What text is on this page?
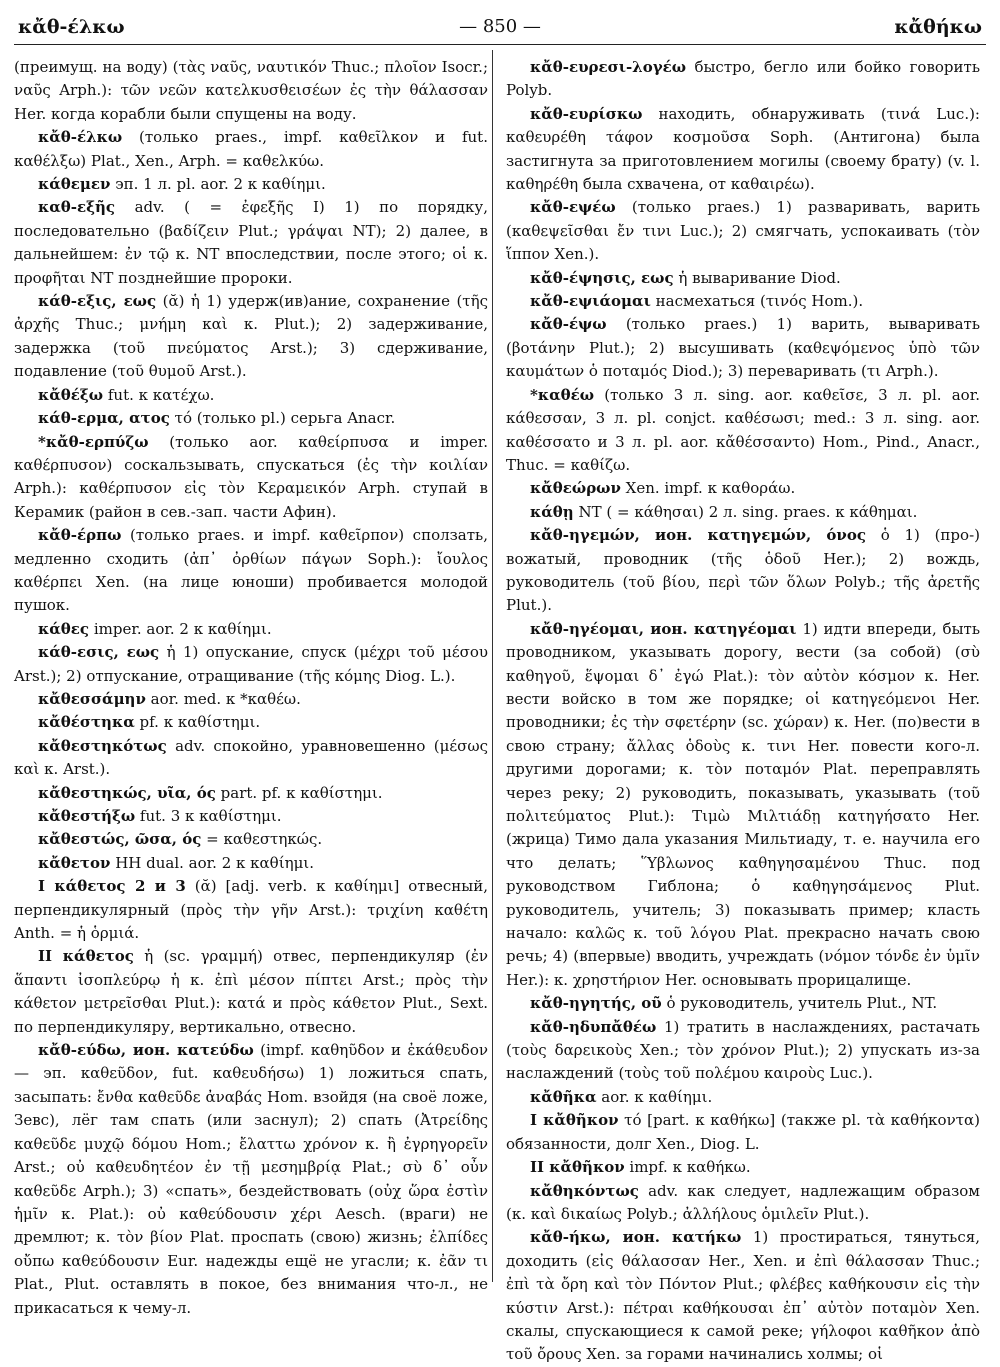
κἄθ-έλκω	— 850 —	κἄθήκω

(преимущ. на воду) (τὰς ναῦς, ναυτικόν Thuc.; πλοῖον Isocr.; ναῦς Arph.): τῶν νεῶν κατελκυσθεισέων ἐς τὴν θάλασσαν Her. когда корабли были спущены на воду.

κἄθ-έλκω (только praes., impf. καθεῖλκον и fut. καθέλξω) Plat., Xen., Arph. = καθελκύω.

κάθεμεν эп. 1 л. pl. aor. 2 к καθίημι.

καθ-εξῆς adv. ( = ἐφεξῆς I) 1) по порядку, последовательно (βαδίζειν Plut.; γράψαι NT); 2) далее, в дальнейшем: ἐν τῷ κ. NT впоследствии, после этого; οἱ κ. προφῆται NT позднейшие пророки.

κάθ-εξις, εως (ᾰ) ἡ 1) удерж(ив)ание, сохранение (τῆς ἀρχῆς Thuc.; μνήμη καὶ κ. Plut.); 2) задерживание, задержка (τοῦ πνεύματος Arst.); 3) сдерживание, подавление (τοῦ θυμοῦ Arst.).

κἄθέξω fut. к κατέχω.

κάθ-ερμα, ατος τό (только pl.) серьга Anacr.

*κἄθ-ερπύζω (только aor. καθείρπυσα и imper. καθέρπυσον) соскальзывать, спускаться (ἐς τὴν κοιλίαν Arph.): καθέρπυσον εἰς τὸν Κεραμεικόν Arph. ступай в Керамик (район в сев.-зап. части Афин).

κἄθ-έρπω (только praes. и impf. καθεῖρπον) сползать, медленно сходить (ἀπ᾽ ὀρθίων πάγων Soph.): ἴουλος καθέρπει Xen. (на лице юноши) пробивается молодой пушок.

κάθες imper. aor. 2 к καθίημι.

κάθ-εσις, εως ἡ 1) опускание, спуск (μέχρι τοῦ μέσου Arst.); 2) отпускание, отращивание (τῆς κόμης Diog. L.).

κἄθεσσάμην aor. med. к *καθέω.

κἄθέστηκα pf. к καθίστημι.

κἄθεστηκότως adv. спокойно, уравновешенно (μέσως καὶ κ. Arst.).

κἄθεστηκώς, υῖα, ός part. pf. к καθίστημι.

κἄθεστήξω fut. 3 к καθίστημι.

κἄθεστώς, ῶσα, ός = καθεστηκώς.

κἄθετον HH dual. aor. 2 к καθίημι.

I κάθετος 2 и 3 (ᾰ) [adj. verb. к καθίημι] отвесный, перпендикулярный (πρὸς τὴν γῆν Arst.): τριχίνη καθέτη Anth. = ἡ ὁρμιά.

II κάθετος ἡ (sc. γραμμή) отвес, перпендикуляр (ἐν ἅπαντι ἰσοπλεύρῳ ἡ κ. ἐπὶ μέσον πίπτει Arst.; πρὸς τὴν κάθετον μετρεῖσθαι Plut.): κατά и πρὸς κάθετον Plut., Sext. по перпендикуляру, вертикально, отвесно.

κἄθ-εύδω, ион. κατεύδω (impf. καθηῦδον и ἐκάθευδον — эп. καθεῦδον, fut. καθευδήσω) 1) ложиться спать, засыпать: ἔνθα καθεῦδε ἀναβάς Hom. взойдя (на своё ложе, Зевс), лёг там спать (или заснул); 2) спать (Ἀτρείδης καθεῦδε μυχῷ δόμου Hom.; ἔλαττω χρόνον κ. ἢ ἐγρηγορεῖν Arst.; οὐ καθευδητέον ἐν τῇ μεσημβρίᾳ Plat.; σὺ δ᾽ οὖν καθεῦδε Arph.); 3) «спать», бездействовать (οὐχ ὥρα ἐστὶν ἡμῖν κ. Plat.): οὐ καθεύδουσιν χέρι Aesch. (враги) не дремлют; κ. τὸν βίον Plat. проспать (свою) жизнь; ἐλπίδες οὔπω καθεύδουσιν Eur. надежды ещё не угасли; κ. ἐᾶν τι Plat., Plut. оставлять в покое, без внимания что-л., не прикасаться к чему-л.

κἄθ-ευρεσι-λογέω быстро, бегло или бойко говорить Polyb.

κἄθ-ευρίσκω находить, обнаруживать (τινά Luc.): καθευρέθη τάφον κοσμοῦσα Soph. (Антигона) была застигнута за приготовлением могилы (своему брату) (v. l. καθηρέθη была схвачена, от καθαιρέω).

κἄθ-εψέω (только praes.) 1) разваривать, варить (καθεψεῖσθαι ἔν τινι Luc.); 2) смягчать, успокаивать (τὸν ἵππον Xen.).

κἄθ-έψησις, εως ἡ вываривание Diod.

κἄθ-εψιάομαι насмехаться (τινός Hom.).

κἄθ-έψω (только praes.) 1) варить, вываривать (βοτάνην Plut.); 2) высушивать (καθεψόμενος ὑπὸ τῶν καυμάτων ὁ ποταμός Diod.); 3) переваривать (τι Arph.).

*καθέω (только 3 л. sing. aor. καθεῖσε, 3 л. pl. aor. κάθεσσαν, 3 л. pl. conjct. καθέσωσι; med.: 3 л. sing. aor. καθέσσατο и 3 л. pl. aor. κἄθέσσαντο) Hom., Pind., Anacr., Thuc. = καθίζω.

κἄθεώρων Xen. impf. к καθοράω.

κάθῃ NT ( = κάθησαι) 2 л. sing. praes. к κάθημαι.

κἄθ-ηγεμών, ион. κατηγεμών, όνος ὁ 1) (про-) вожатый, проводник (τῆς ὁδοῦ Her.); 2) вождь, руководитель (τοῦ βίου, περὶ τῶν ὅλων Polyb.; τῆς ἀρετῆς Plut.).

κἄθ-ηγέομαι, ион. κατηγέομαι 1) идти впереди, быть проводником, указывать дорогу, вести (за собой) (σὺ καθηγοῦ, ἕψομαι δ᾽ ἐγώ Plat.): τὸν αὐτὸν κόσμον κ. Her. вести войско в том же порядке; οἱ κατηγεόμενοι Her. проводники; ἐς τὴν σφετέρην (sc. χώραν) κ. Her. (по)вести в свою страну; ἄλλας ὁδοὺς κ. τινι Her. повести кого-л. другими дорогами; κ. τὸν ποταμόν Plat. переправлять через реку; 2) руководить, показывать, указывать (τοῦ πολιτεύματος Plut.): Τιμὼ Μιλτιάδῃ κατηγήσατο Her. (жрица) Тимо дала указания Мильтиаду, т. е. научила его что делать; Ὕβλωνος καθηγησαμένου Thuc. под руководством Гиблона; ὁ καθηγησάμενος Plut. руководитель, учитель; 3) показывать пример; класть начало: καλῶς κ. τοῦ λόγου Plat. прекрасно начать свою речь; 4) (впервые) вводить, учреждать (νόμον τόνδε ἐν ὑμῖν Her.): κ. χρηστήριον Her. основывать прорицалище.

κἄθ-ηγητής, οῦ ὁ руководитель, учитель Plut., NT.

κἄθ-ηδυπἄθέω 1) тратить в наслаждениях, растачать (τοὺς δαρεικοὺς Xen.; τὸν χρόνον Plut.); 2) упускать из-за наслаждений (τοὺς τοῦ πολέμου καιροὺς Luc.).

κἄθῆκα aor. к καθίημι.

I κἄθῆκον τό [part. к καθήκω] (также pl. τὰ καθήκοντα) обязанности, долг Xen., Diog. L.

II κἄθῆκον impf. к καθήκω.

κἄθηκόντως adv. как следует, надлежащим образом (κ. καὶ δικαίως Polyb.; ἀλλήλους ὁμιλεῖν Plut.).

κἄθ-ήκω, ион. κατήκω 1) простираться, тянуться, доходить (εἰς θάλασσαν Her., Xen. и ἐπὶ θάλασσαν Thuc.; ἐπὶ τὰ ὄρη καὶ τὸν Πόντον Plut.; φλέβες καθήκουσιν εἰς τὴν κύστιν Arst.): πέτραι καθήκουσαι ἐπ᾽ αὐτὸν ποταμὸν Xen. скалы, спускающиеся к самой реке; γήλοφοι καθῆκον ἀπὸ τοῦ ὄρους Xen. за горами начинались холмы; οἱ
